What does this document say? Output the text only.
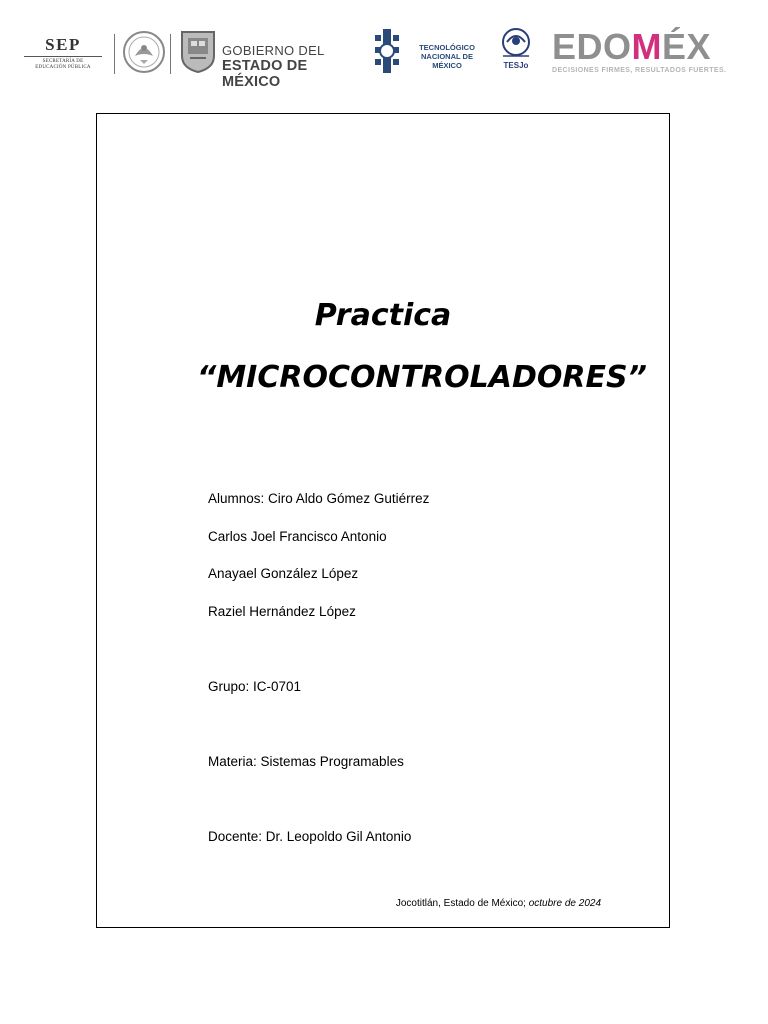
SEP
SECRETARÍA DE
EDUCACIÓN PÚBLICA
GOBIERNO DEL
ESTADO DE MÉXICO
TECNOLÓGICO
NACIONAL DE MÉXICO	TESJo EDOMÉX
DECISIONES FIRMES, RESULTADOS FUERTES.
Practica
“MICROCONTROLADORES”
Alumnos: Ciro Aldo Gómez Gutiérrez
Carlos Joel Francisco Antonio
Anayael González López
Raziel Hernández López
Grupo: IC-0701
Materia: Sistemas Programables
Docente: Dr. Leopoldo Gil Antonio
Jocotitlán, Estado de México; octubre de 2024
